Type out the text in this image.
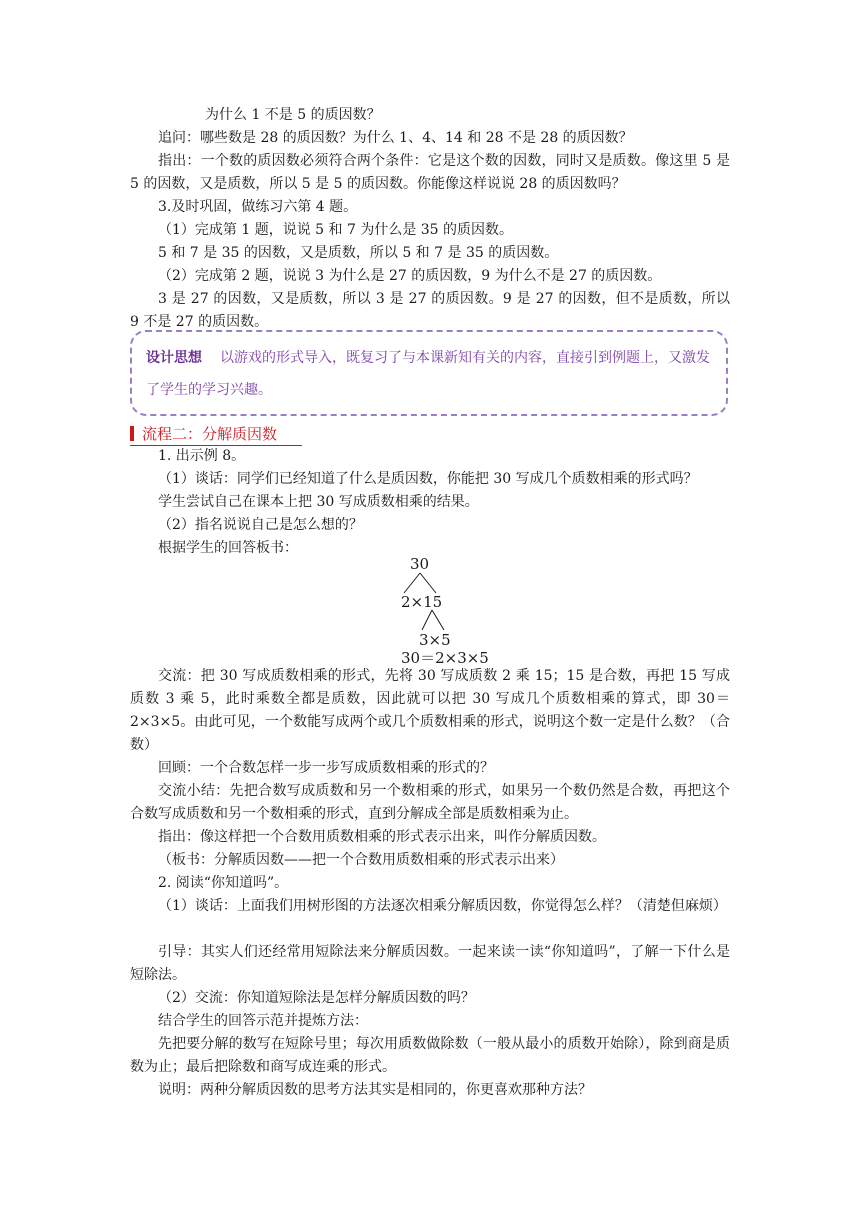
为什么 1 不是 5 的质因数？

追问：哪些数是 28 的质因数？为什么 1、4、14 和 28 不是 28 的质因数？

指出：一个数的质因数必须符合两个条件：它是这个数的因数，同时又是质数。像这里 5 是 5 的因数，又是质数，所以 5 是 5 的质因数。你能像这样说说 28 的质因数吗？

3.及时巩固，做练习六第 4 题。

（1）完成第 1 题，说说 5 和 7 为什么是 35 的质因数。

5 和 7 是 35 的因数，又是质数，所以 5 和 7 是 35 的质因数。

（2）完成第 2 题，说说 3 为什么是 27 的质因数，9 为什么不是 27 的质因数。

3 是 27 的因数，又是质数，所以 3 是 27 的质因数。9 是 27 的因数，但不是质数，所以 9 不是 27 的质因数。

设计思想 以游戏的形式导入，既复习了与本课新知有关的内容，直接引到例题上，又激发了学生的学习兴趣。

流程二：分解质因数

1. 出示例 8。

（1）谈话：同学们已经知道了什么是质因数，你能把 30 写成几个质数相乘的形式吗？

学生尝试自己在课本上把 30 写成质数相乘的结果。

（2）指名说说自己是怎么想的？

根据学生的回答板书：

30
2×15
3×5
30＝2×3×5

交流：把 30 写成质数相乘的形式，先将 30 写成质数 2 乘 15；15 是合数，再把 15 写成质数 3 乘 5，此时乘数全都是质数，因此就可以把 30 写成几个质数相乘的算式，即 30＝2×3×5。由此可见，一个数能写成两个或几个质数相乘的形式，说明这个数一定是什么数？（合数）

回顾：一个合数怎样一步一步写成质数相乘的形式的？

交流小结：先把合数写成质数和另一个数相乘的形式，如果另一个数仍然是合数，再把这个合数写成质数和另一个数相乘的形式，直到分解成全部是质数相乘为止。

指出：像这样把一个合数用质数相乘的形式表示出来，叫作分解质因数。

（板书：分解质因数——把一个合数用质数相乘的形式表示出来）

2. 阅读“你知道吗”。

（1）谈话：上面我们用树形图的方法逐次相乘分解质因数，你觉得怎么样？（清楚但麻烦）

引导：其实人们还经常用短除法来分解质因数。一起来读一读“你知道吗”，了解一下什么是短除法。

（2）交流：你知道短除法是怎样分解质因数的吗？

结合学生的回答示范并提炼方法：

先把要分解的数写在短除号里；每次用质数做除数（一般从最小的质数开始除），除到商是质数为止；最后把除数和商写成连乘的形式。

说明：两种分解质因数的思考方法其实是相同的，你更喜欢那种方法？
